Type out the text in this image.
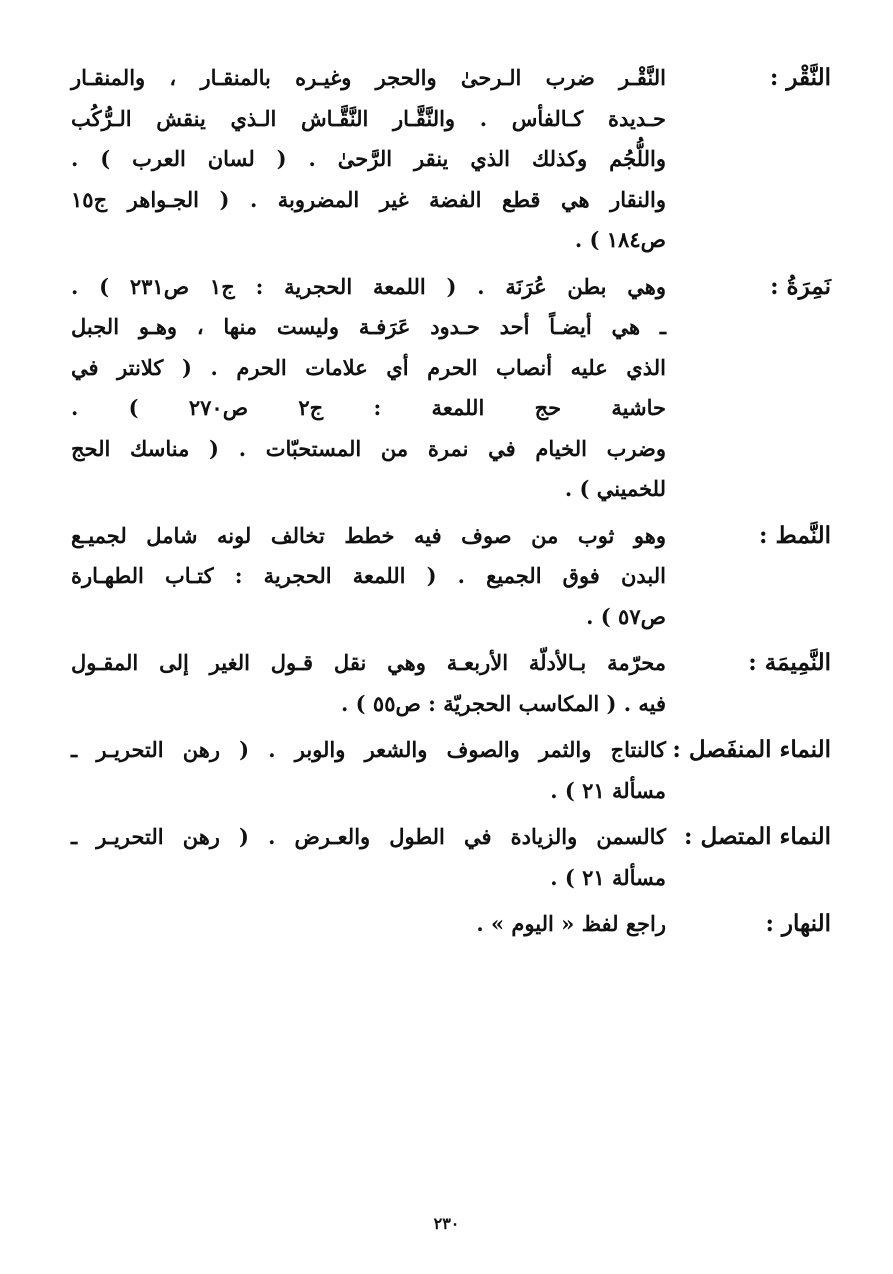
النَّقْر :
النَّقْـر ضرب الـرحىٰ والحجر وغيـره بالمنقـار ، والمنقـار
حـديدة كـالفأس . والنَّقَّـار النَّقَّـاش الـذي ينقش الـرُّكُب
واللُّجُم وكذلك الذي ينقر الرَّحىٰ . ( لسان العرب ) .
والنقار هي قطع الفضة غير المضروبة . ( الجـواهر ج١٥
ص١٨٤ ) .
نَمِرَةُ :
وهي بطن عُرَنَة . ( اللمعة الحجرية : ج١ ص٢٣١ ) .
ـ هي أيضـاً أحد حـدود عَرَفـة وليست منها ، وهـو الجبل
الذي عليه أنصاب الحرم أي علامات الحرم . ( كلانتر في
حاشية حج اللمعة : ج٢ ص٢٧٠ ) .
وضرب الخيام في نمرة من المستحبّات . ( مناسك الحج
للخميني ) .
النَّمط :
وهو ثوب من صوف فيه خطط تخالف لونه شامل لجميـع
البدن فوق الجميع . ( اللمعة الحجرية : كتـاب الطهـارة
ص٥٧ ) .
النَّمِيمَة :
محرّمة بـالأدلّة الأربعـة وهي نقل قـول الغير إلى المقـول
فيه . ( المكاسب الحجريّة : ص٥٥ ) .
النماء المنفَصل :
كالنتاج والثمر والصوف والشعر والوبر . ( رهن التحريـر ـ
مسألة ٢١ ) .
النماء المتصل :
كالسمن والزيادة في الطول والعـرض . ( رهن التحريـر ـ
مسألة ٢١ ) .
النهار :
راجع لفظ « اليوم » .
٢٣٠
